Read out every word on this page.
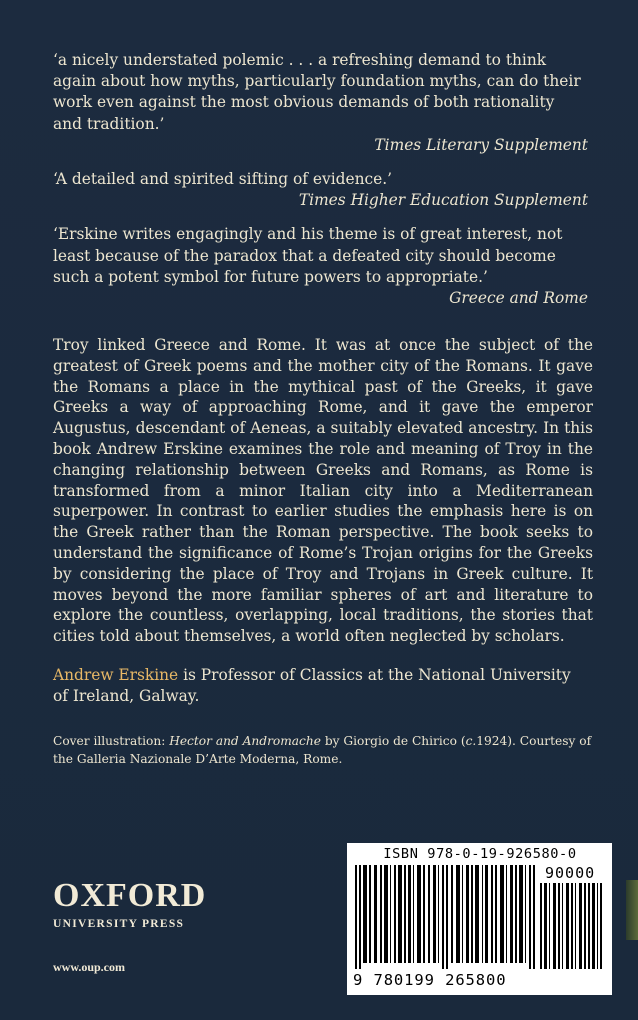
‘a nicely understated polemic . . . a refreshing demand to think again about how myths, particularly foundation myths, can do their work even against the most obvious demands of both rationality and tradition.’
Times Literary Supplement
‘A detailed and spirited sifting of evidence.’
Times Higher Education Supplement
‘Erskine writes engagingly and his theme is of great interest, not least because of the paradox that a defeated city should become such a potent symbol for future powers to appropriate.’
Greece and Rome
Troy linked Greece and Rome. It was at once the subject of the greatest of Greek poems and the mother city of the Romans. It gave the Romans a place in the mythical past of the Greeks, it gave Greeks a way of approaching Rome, and it gave the emperor Augustus, descendant of Aeneas, a suitably elevated ancestry. In this book Andrew Erskine examines the role and meaning of Troy in the changing relationship between Greeks and Romans, as Rome is transformed from a minor Italian city into a Mediterranean superpower. In contrast to earlier studies the emphasis here is on the Greek rather than the Roman perspective. The book seeks to understand the significance of Rome’s Trojan origins for the Greeks by considering the place of Troy and Trojans in Greek culture. It moves beyond the more familiar spheres of art and literature to explore the countless, overlapping, local traditions, the stories that cities told about themselves, a world often neglected by scholars.
Andrew Erskine is Professor of Classics at the National University of Ireland, Galway.
Cover illustration: Hector and Andromache by Giorgio de Chirico (c.1924). Courtesy of the Galleria Nazionale D’Arte Moderna, Rome.
OXFORD
UNIVERSITY PRESS
www.oup.com
ISBN 978-0-19-926580-0
90000
9 780199 265800
